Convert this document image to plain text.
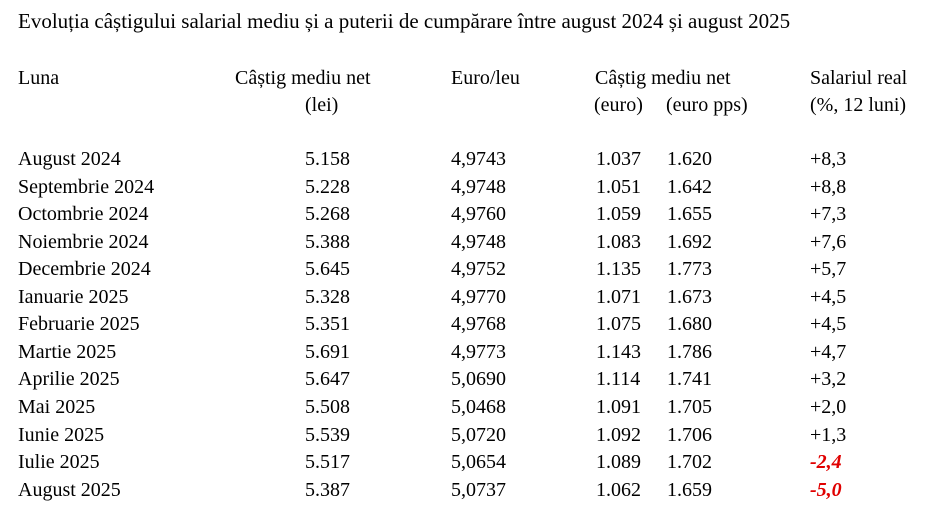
Evoluția câștigului salarial mediu și a puterii de cumpărare între august 2024 și august 2025
Luna	Câștig mediu net
(lei)
Euro/leu	Câștig mediu net
(euro) (euro pps)
Salariul real
(%, 12 luni)
August 2024	5.158	4,9743	1.037 1.620	+8,3
Septembrie 2024	5.228	4,9748	1.051 1.642	+8,8
Octombrie 2024	5.268	4,9760	1.059 1.655	+7,3
Noiembrie 2024	5.388	4,9748	1.083 1.692	+7,6
Decembrie 2024	5.645	4,9752	1.135 1.773	+5,7
Ianuarie 2025	5.328	4,9770	1.071 1.673	+4,5
Februarie 2025	5.351	4,9768	1.075 1.680	+4,5
Martie 2025	5.691	4,9773	1.143 1.786	+4,7
Aprilie 2025	5.647	5,0690	1.114 1.741	+3,2
Mai 2025	5.508	5,0468	1.091 1.705	+2,0
Iunie 2025	5.539	5,0720	1.092 1.706	+1,3
Iulie 2025	5.517	5,0654	1.089 1.702	-2,4
August 2025	5.387	5,0737	1.062 1.659	-5,0
